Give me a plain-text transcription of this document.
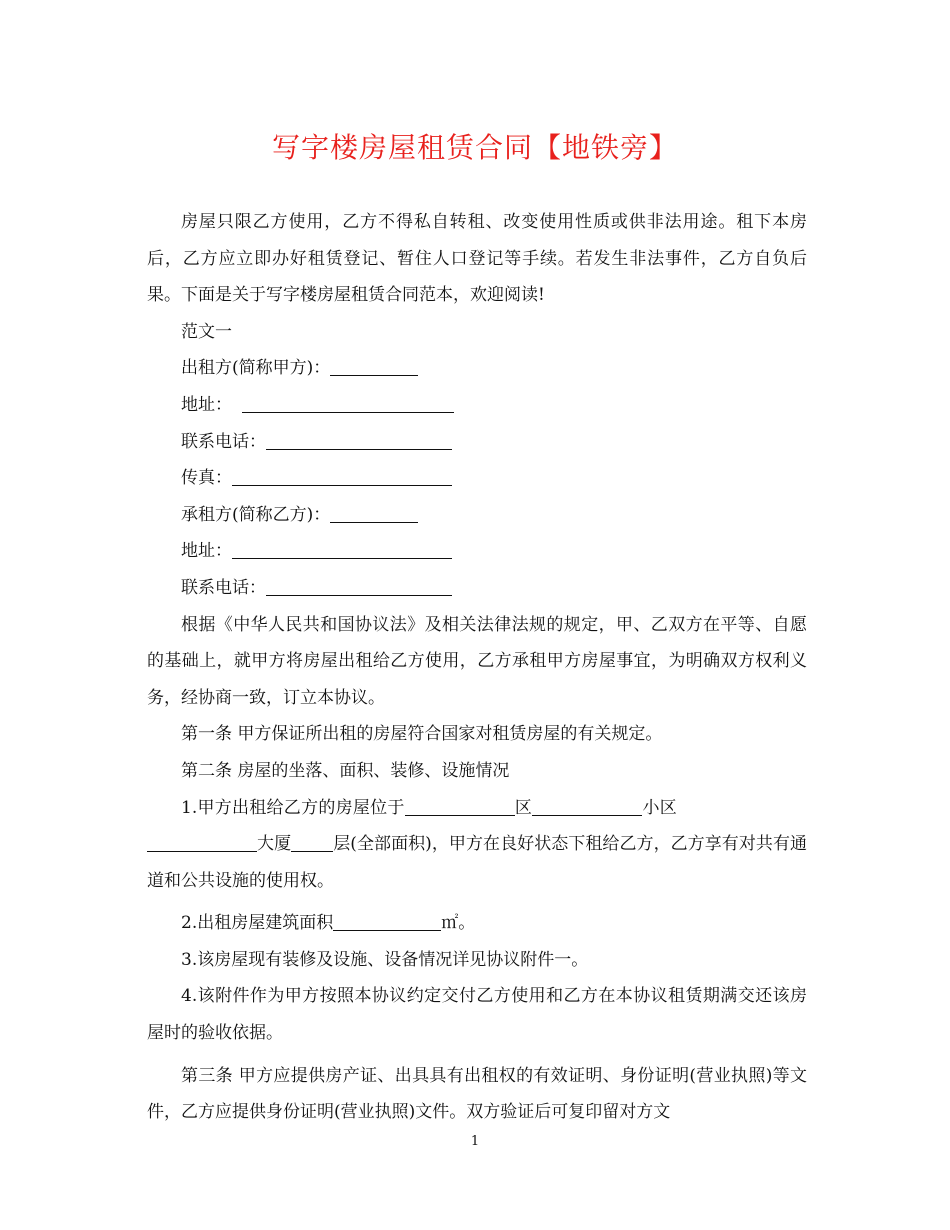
写字楼房屋租赁合同【地铁旁】

房屋只限乙方使用，乙方不得私自转租、改变使用性质或供非法用途。租下本房后，乙方应立即办好租赁登记、暂住人口登记等手续。若发生非法事件，乙方自负后果。下面是关于写字楼房屋租赁合同范本，欢迎阅读!

范文一

出租方(简称甲方)：

地址：

联系电话：

传真：

承租方(简称乙方)：

地址：

联系电话：

根据《中华人民共和国协议法》及相关法律法规的规定，甲、乙双方在平等、自愿的基础上，就甲方将房屋出租给乙方使用，乙方承租甲方房屋事宜，为明确双方权利义务，经协商一致，订立本协议。

第一条 甲方保证所出租的房屋符合国家对租赁房屋的有关规定。

第二条 房屋的坐落、面积、装修、设施情况

1.甲方出租给乙方的房屋位于	区	小区大厦 层(全部面积)，甲方在良好状态下租给乙方，乙方享有对共有通道和公共设施的使用权。

2.出租房屋建筑面积	㎡。

3.该房屋现有装修及设施、设备情况详见协议附件一。

4.该附件作为甲方按照本协议约定交付乙方使用和乙方在本协议租赁期满交还该房屋时的验收依据。

第三条 甲方应提供房产证、出具具有出租权的有效证明、身份证明(营业执照)等文件，乙方应提供身份证明(营业执照)文件。双方验证后可复印留对方文

1
